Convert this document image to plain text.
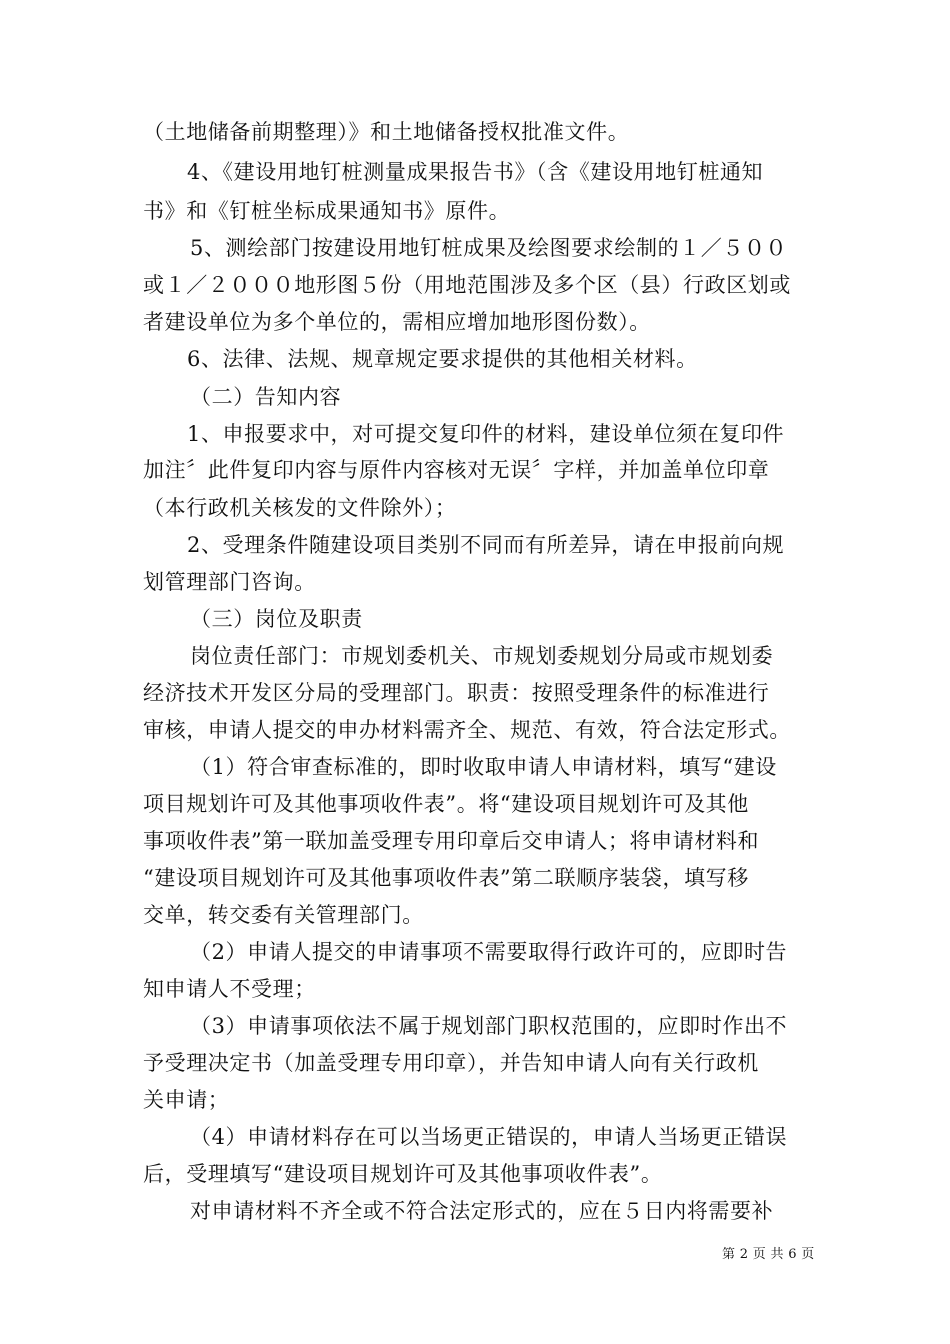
（土地储备前期整理）》和土地储备授权批准文件。
4、《建设用地钉桩测量成果报告书》（含《建设用地钉桩通知
书》和《钉桩坐标成果通知书》原件。
5、测绘部门按建设用地钉桩成果及绘图要求绘制的１／５００
或１／２０００地形图５份（用地范围涉及多个区（县）行政区划或
者建设单位为多个单位的，需相应增加地形图份数）。
6、法律、法规、规章规定要求提供的其他相关材料。
（二）告知内容
1、申报要求中，对可提交复印件的材料，建设单位须在复印件
加注〞此件复印内容与原件内容核对无误〞字样，并加盖单位印章
（本行政机关核发的文件除外）；
2、受理条件随建设项目类别不同而有所差异，请在申报前向规
划管理部门咨询。
（三）岗位及职责
岗位责任部门：市规划委机关、市规划委规划分局或市规划委
经济技术开发区分局的受理部门。职责：按照受理条件的标准进行
审核，申请人提交的申办材料需齐全、规范、有效，符合法定形式。
（1）符合审查标准的，即时收取申请人申请材料，填写“建设
项目规划许可及其他事项收件表”。将“建设项目规划许可及其他
事项收件表”第一联加盖受理专用印章后交申请人；将申请材料和
“建设项目规划许可及其他事项收件表”第二联顺序装袋，填写移
交单，转交委有关管理部门。
（2）申请人提交的申请事项不需要取得行政许可的，应即时告
知申请人不受理；
（3）申请事项依法不属于规划部门职权范围的，应即时作出不
予受理决定书（加盖受理专用印章），并告知申请人向有关行政机
关申请；
（4）申请材料存在可以当场更正错误的，申请人当场更正错误
后，受理填写“建设项目规划许可及其他事项收件表”。
对申请材料不齐全或不符合法定形式的，应在５日内将需要补
第 2 页 共 6 页
